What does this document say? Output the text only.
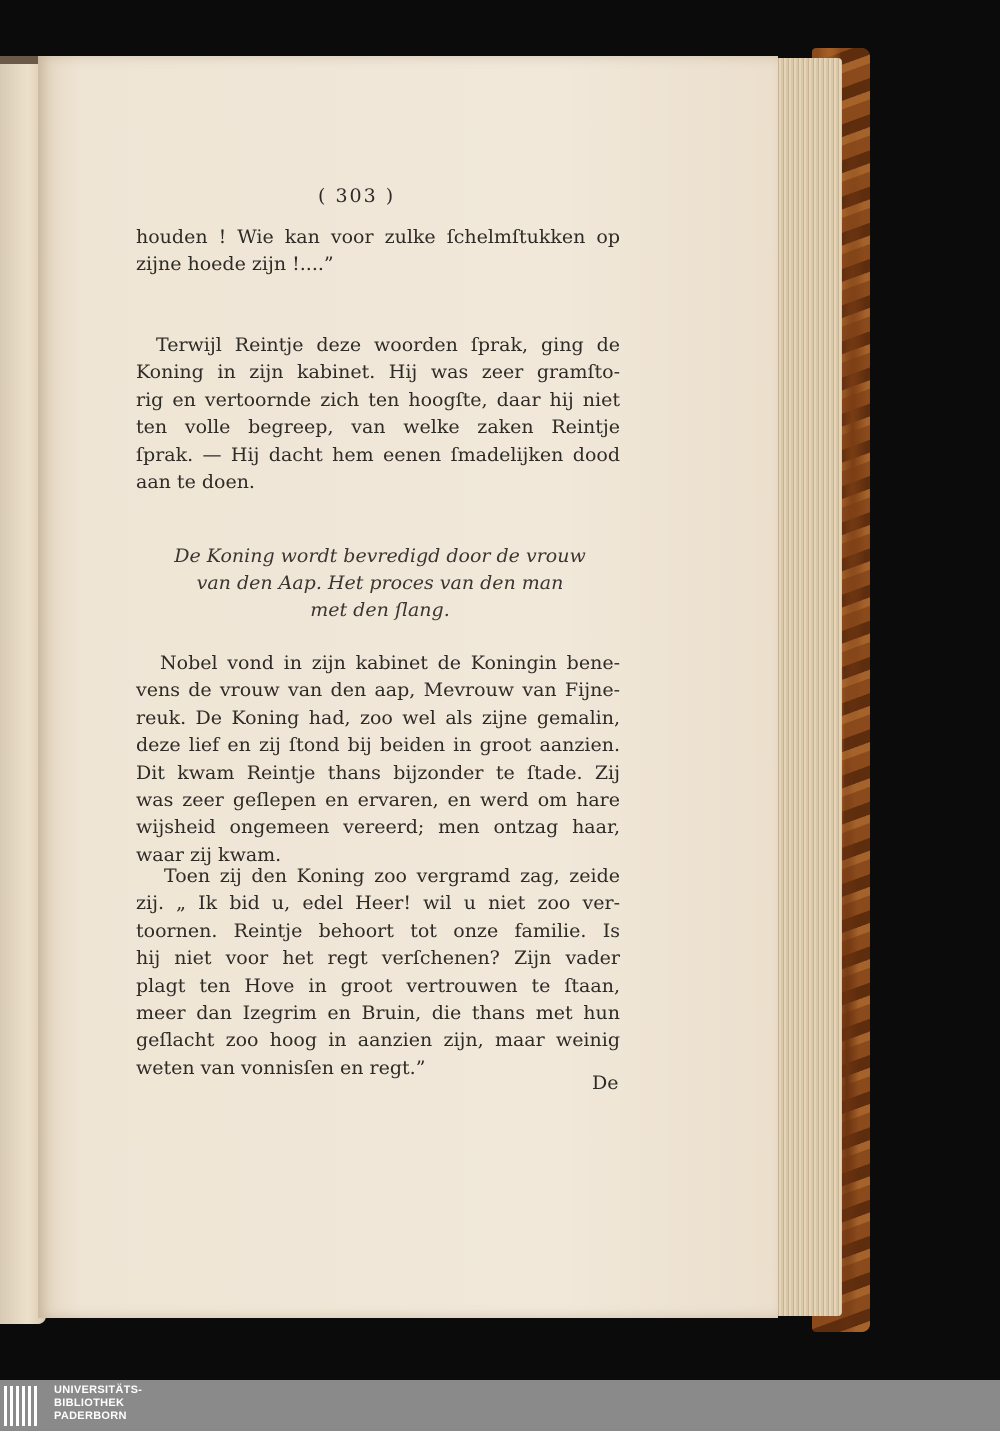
( 303 )
houden ! Wie kan voor zulke ſchelmſtukken op
zijne hoede zijn !....”
Terwijl Reintje deze woorden ſprak, ging de
Koning in zijn kabinet. Hij was zeer gramſto-
rig en vertoornde zich ten hoogſte, daar hij niet
ten volle begreep, van welke zaken Reintje
ſprak. — Hij dacht hem eenen ſmadelijken dood
aan te doen.
De Koning wordt bevredigd door de vrouw
van den Aap. Het proces van den man
met den ſlang.
Nobel vond in zijn kabinet de Koningin bene-
vens de vrouw van den aap, Mevrouw van Fijne-
reuk. De Koning had, zoo wel als zijne gemalin,
deze lief en zij ſtond bij beiden in groot aanzien.
Dit kwam Reintje thans bijzonder te ſtade. Zij
was zeer geſlepen en ervaren, en werd om hare
wijsheid ongemeen vereerd; men ontzag haar,
waar zij kwam.
Toen zij den Koning zoo vergramd zag, zeide
zij. „ Ik bid u, edel Heer! wil u niet zoo ver-
toornen. Reintje behoort tot onze familie. Is
hij niet voor het regt verſchenen? Zijn vader
plagt ten Hove in groot vertrouwen te ſtaan,
meer dan Izegrim en Bruin, die thans met hun
geſlacht zoo hoog in aanzien zijn, maar weinig
weten van vonnisſen en regt.”
De
UNIVERSITÄTS-
BIBLIOTHEK
PADERBORN
